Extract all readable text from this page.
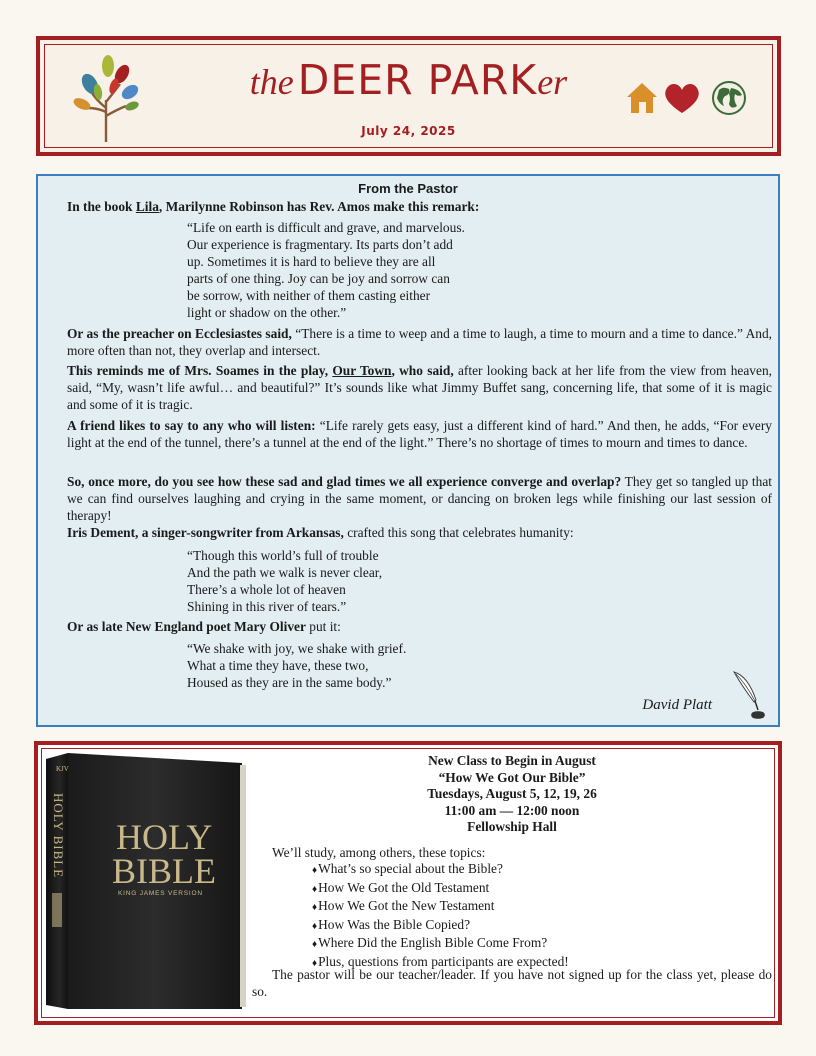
the DEER PARKer
July 24, 2025
From the Pastor
In the book Lila, Marilynne Robinson has Rev. Amos make this remark:
“Life on earth is difficult and grave, and marvelous.
Our experience is fragmentary. Its parts don’t add
up. Sometimes it is hard to believe they are all
parts of one thing. Joy can be joy and sorrow can
be sorrow, with neither of them casting either
light or shadow on the other.”
Or as the preacher on Ecclesiastes said, “There is a time to weep and a time to laugh, a time to mourn and a time to dance.” And, more often than not, they overlap and intersect.
This reminds me of Mrs. Soames in the play, Our Town, who said, after looking back at her life from the view from heaven, said, “My, wasn’t life awful… and beautiful?” It’s sounds like what Jimmy Buffet sang, concerning life, that some of it is magic and some of it is tragic.
A friend likes to say to any who will listen: “Life rarely gets easy, just a different kind of hard.” And then, he adds, “For every light at the end of the tunnel, there’s a tunnel at the end of the light.” There’s no shortage of times to mourn and times to dance.
So, once more, do you see how these sad and glad times we all experience converge and overlap? They get so tangled up that we can find ourselves laughing and crying in the same moment, or dancing on broken legs while finishing our last session of therapy!
Iris Dement, a singer-songwriter from Arkansas, crafted this song that celebrates humanity:
“Though this world’s full of trouble
And the path we walk is never clear,
There’s a whole lot of heaven
Shining in this river of tears.”
Or as late New England poet Mary Oliver put it:
“We shake with joy, we shake with grief.
What a time they have, these two,
Housed as they are in the same body.”
David Platt
KJV
HOLY BIBLE HOLY
BIBLE
KING JAMES VERSION
New Class to Begin in August
“How We Got Our Bible”
Tuesdays, August 5, 12, 19, 26
11:00 am — 12:00 noon
Fellowship Hall
We’ll study, among others, these topics:
♦ What’s so special about the Bible?
♦ How We Got the Old Testament
♦ How We Got the New Testament
♦ How Was the Bible Copied?
♦ Where Did the English Bible Come From?
♦ Plus, questions from participants are expected!
The pastor will be our teacher/leader. If you have not signed up for the class yet, please do so.
